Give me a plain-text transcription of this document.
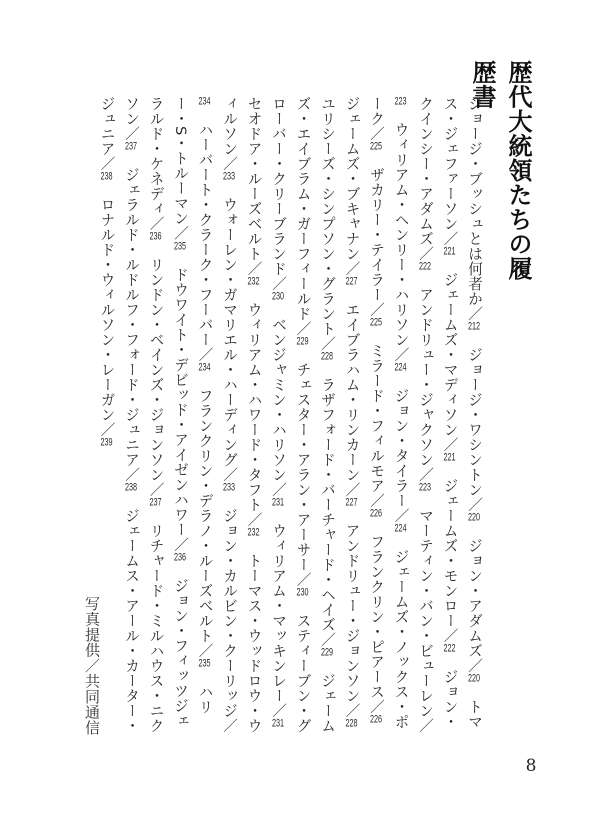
歴代大統領たちの履歴書
ジョージ・ブッシュとは何者か／212　ジョージ・ワシントン／220　ジョン・アダムズ／220　トマス・ジェファーソン／221　ジェームズ・マディソン／221　ジェームズ・モンロー／222　ジョン・クインシー・アダムズ／222　アンドリュー・ジャクソン／223　マーティン・バン・ビューレン／223　ウィリアム・ヘンリー・ハリソン／224　ジョン・タイラー／224　ジェームズ・ノックス・ポーク／225　ザカリー・テイラー／225　ミラード・フィルモア／226　フランクリン・ピアース／226　ジェームズ・ブキャナン／227　エイブラハム・リンカーン／227　アンドリュー・ジョンソン／228　ユリシーズ・シンプソン・グラント／228　ラザフォード・バーチャード・ヘイズ／229　ジェームズ・エイブラム・ガーフィールド／229　チェスター・アラン・アーサー／230　スティーブン・グローバー・クリーブランド／230　ベンジャミン・ハリソン／231　ウィリアム・マッキンレー／231　セオドア・ルーズベルト／232　ウィリアム・ハワード・タフト／232　トーマス・ウッドロウ・ウィルソン／233　ウォーレン・ガマリエル・ハーディング／233　ジョン・カルビン・クーリッジ／234　ハーバート・クラーク・フーバー／234　フランクリン・デラノ・ルーズベルト／235　ハリー・S・トルーマン／235　ドウワイト・デビッド・アイゼンハワー／236　ジョン・フィッツジェラルド・ケネディ／236　リンドン・ベインズ・ジョンソン／237　リチャード・ミルハウス・ニクソン／237　ジェラルド・ルドルフ・フォード・ジュニア／238　ジェームス・アール・カーター・ジュニア／238　ロナルド・ウィルソン・レーガン／239
写真提供／共同通信
8
